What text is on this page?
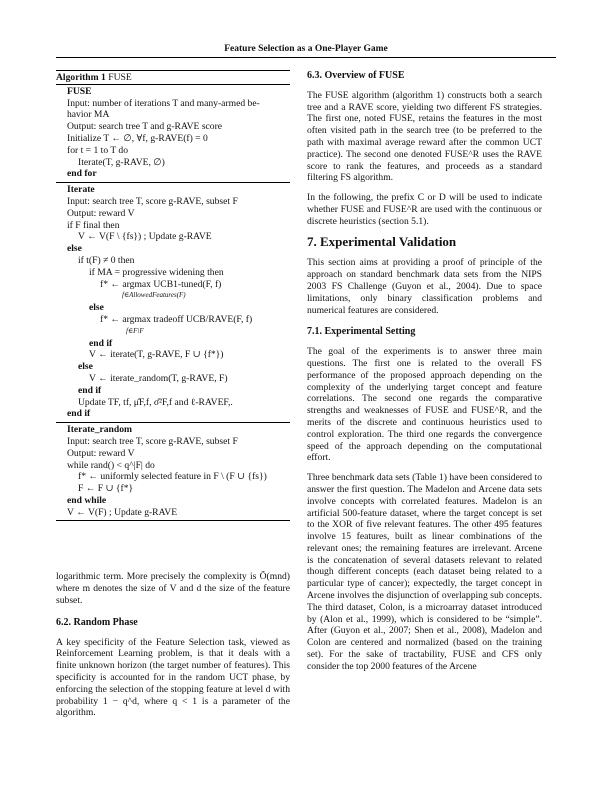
Feature Selection as a One-Player Game
Algorithm 1 FUSE
FUSE
Input: number of iterations T and many-armed be-
havior MA
Output: search tree T and g-RAVE score
Initialize T ← ∅, ∀f, g-RAVE(f) = 0
for t = 1 to T do
Iterate(T, g-RAVE, ∅)
end for
Iterate
Input: search tree T, score g-RAVE, subset F
Output: reward V
if F final then
V ← V(F \ {fs}) ; Update g-RAVE
else
if t(F) ≠ 0 then
if MA = progressive widening then
f* ← argmax UCB1-tuned(F, f)
f∈AllowedFeatures(F)
else
f* ← argmax tradeoff UCB/RAVE(F, f)
f∈F\F
end if
V ← iterate(T, g-RAVE, F ∪ {f*})
else
V ← iterate_random(T, g-RAVE, F)
end if
Update TF, tf, μ̂F,f, σ̂²F,f and ℓ-RAVEF,.
end if
Iterate_random
Input: search tree T, score g-RAVE, subset F
Output: reward V
while rand() < q^|F| do
f* ← uniformly selected feature in F \ (F ∪ {fs})
F ← F ∪ {f*}
end while
V ← V(F) ; Update g-RAVE

logarithmic term. More precisely the complexity is Õ(mnd) where m denotes the size of V and d the size of the feature subset.

6.2. Random Phase

A key specificity of the Feature Selection task, viewed as Reinforcement Learning problem, is that it deals with a finite unknown horizon (the target number of features). This specificity is accounted for in the random UCT phase, by enforcing the selection of the stopping feature at level d with probability 1 − q^d, where q < 1 is a parameter of the algorithm.

6.3. Overview of FUSE

The FUSE algorithm (algorithm 1) constructs both a search tree and a RAVE score, yielding two different FS strategies. The first one, noted FUSE, retains the features in the most often visited path in the search tree (to be preferred to the path with maximal average reward after the common UCT practice). The second one denoted FUSE^R uses the RAVE score to rank the features, and proceeds as a standard filtering FS algorithm.

In the following, the prefix C or D will be used to indicate whether FUSE and FUSE^R are used with the continuous or discrete heuristics (section 5.1).

7. Experimental Validation

This section aims at providing a proof of principle of the approach on standard benchmark data sets from the NIPS 2003 FS Challenge (Guyon et al., 2004). Due to space limitations, only binary classification problems and numerical features are considered.

7.1. Experimental Setting

The goal of the experiments is to answer three main questions. The first one is related to the overall FS performance of the proposed approach depending on the complexity of the underlying target concept and feature correlations. The second one regards the comparative strengths and weaknesses of FUSE and FUSE^R, and the merits of the discrete and continuous heuristics used to control exploration. The third one regards the convergence speed of the approach depending on the computational effort.

Three benchmark data sets (Table 1) have been considered to answer the first question. The Madelon and Arcene data sets involve concepts with correlated features. Madelon is an artificial 500-feature dataset, where the target concept is set to the XOR of five relevant features. The other 495 features involve 15 features, built as linear combinations of the relevant ones; the remaining features are irrelevant. Arcene is the concatenation of several datasets relevant to related though different concepts (each dataset being related to a particular type of cancer); expectedly, the target concept in Arcene involves the disjunction of overlapping sub concepts. The third dataset, Colon, is a microarray dataset introduced by (Alon et al., 1999), which is considered to be “simple”. After (Guyon et al., 2007; Shen et al., 2008), Madelon and Colon are centered and normalized (based on the training set). For the sake of tractability, FUSE and CFS only consider the top 2000 features of the Arcene
